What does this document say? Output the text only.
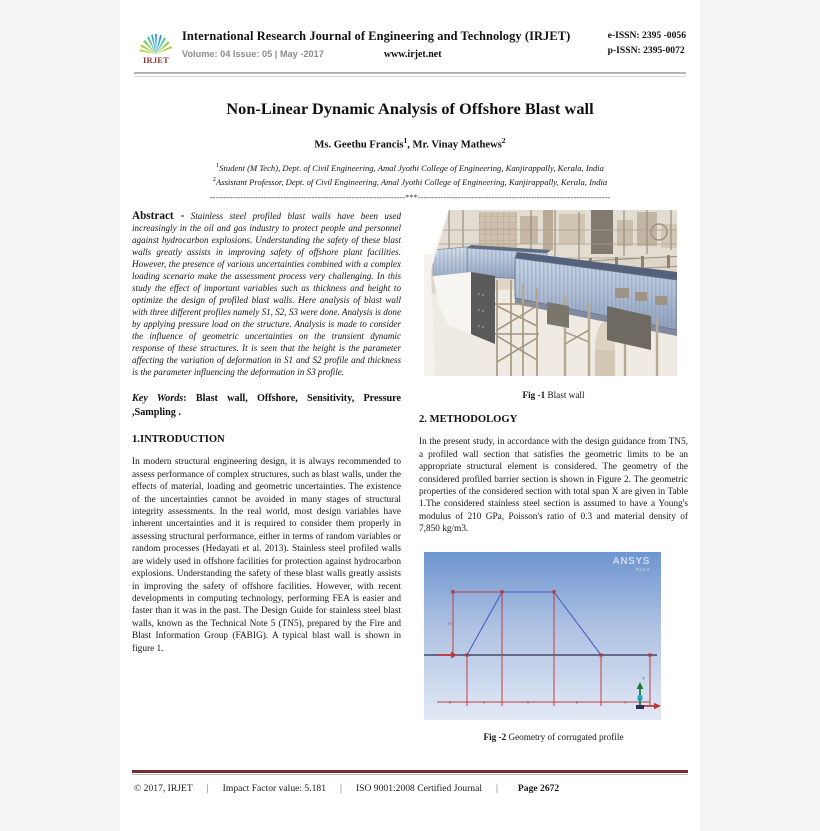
IRJET
International Research Journal of Engineering and Technology (IRJET)
Volume: 04 Issue: 05 | May -2017	www.irjet.net
e-ISSN: 2395 -0056
p-ISSN: 2395-0072
Non-Linear Dynamic Analysis of Offshore Blast wall
Ms. Geethu Francis$^1$, Mr. Vinay Mathews$^2$
$^1$Student (M Tech), Dept. of Civil Engineering, Amal Jyothi College of Engineering, Kanjirappally, Kerala, India
$^2$Assistant Professor, Dept. of Civil Engineering, Amal Jyothi College of Engineering, Kanjirappally, Kerala, India
---------------------------------------------------------------------***--------------------------------------------------------------------
Abstract - Stainless steel profiled blast walls have been used increasingly in the oil and gas industry to protect people and personnel against hydrocarbon explosions. Understanding the safety of these blast walls greatly assists in improving safety of offshore plant facilities. However, the presence of various uncertainties combined with a complex loading scenario make the assessment process very challenging. In this study the effect of important variables such as thickness and height to optimize the design of profiled blast walls. Here analysis of blast wall with three different profiles namely S1, S2, S3 were done. Analysis is done by applying pressure load on the structure. Analysis is made to consider the influence of geometric uncertainties on the transient dynamic response of these structures. It is seen that the height is the parameter affecting the variation of deformation in S1 and S2 profile and thickness is the parameter influencing the deformation in S3 profile.
Key Words: Blast wall, Offshore, Sensitivity, Pressure ,Sampling .
1.INTRODUCTION
In modern structural engineering design, it is always recommended to assess performance of complex structures, such as blast walls, under the effects of material, loading and geometric uncertainties. The existence of the uncertainties cannot be avoided in many stages of structural integrity assessments. In the real world, most design variables have inherent uncertainties and it is required to consider them properly in assessing structural performance, either in terms of random variables or random processes (Hedayati et al. 2013). Stainless steel profiled walls are widely used in offshore facilities for protection against hydrocarbon explosions. Understanding the safety of these blast walls greatly assists in improving the safety of offshore facilities. However, with recent developments in computing technology, performing FEA is easier and faster than it was in the past. The Design Guide for stainless steel blast walls, known as the Technical Note 5 (TN5), prepared by the Fire and Blast Information Group (FABIG). A typical blast wall is shown in figure 1.
Fig -1 Blast wall
2. METHODOLOGY
In the present study, in accordance with the design guidance from TN5, a profiled wall section that satisfies the geometric limits to be an appropriate structural element is considered. The geometry of the considered profiled barrier section is shown in Figure 2. The geometric properties of the considered section with total span X are given in Table 1.The considered stainless steel section is assumed to have a Young's modulus of 210 GPa, Poisson's ratio of 0.3 and material density of 7,850 kg/m3.
ANSYS
R13.0
D	C	B	B	C
H
Y
Fig -2 Geometry of corrugated profile
© 2017, IRJET | Impact Factor value: 5.181 | ISO 9001:2008 Certified Journal | Page 2672
